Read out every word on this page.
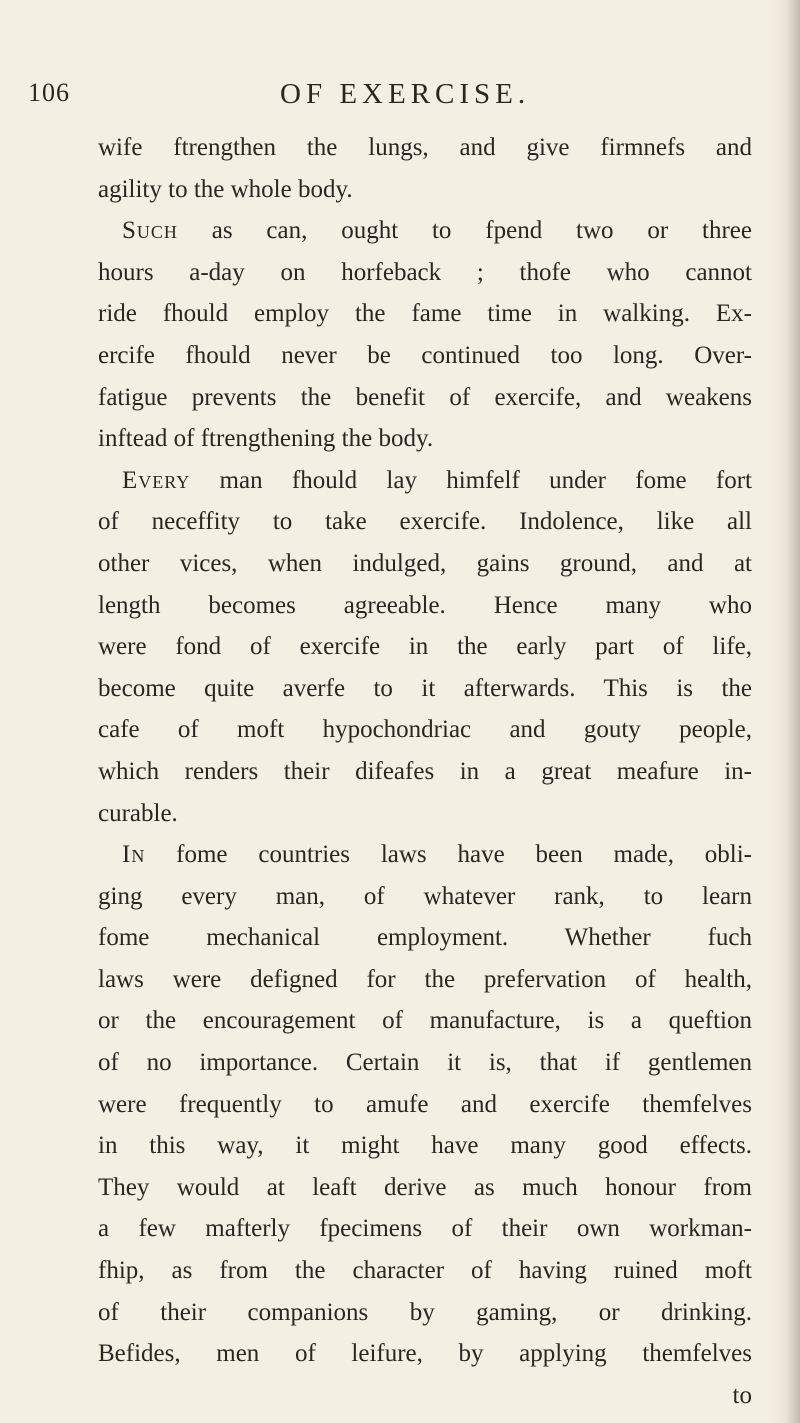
106	OF EXERCISE.
wife ftrengthen the lungs, and give firmnefs and
agility to the whole body.
Such as can, ought to fpend two or three
hours a-day on horfeback ; thofe who cannot
ride fhould employ the fame time in walking. Ex-
ercife fhould never be continued too long. Over-
fatigue prevents the benefit of exercife, and weakens
inftead of ftrengthening the body.
Every man fhould lay himfelf under fome fort
of neceffity to take exercife. Indolence, like all
other vices, when indulged, gains ground, and at
length becomes agreeable. Hence many who
were fond of exercife in the early part of life,
become quite averfe to it afterwards. This is the
cafe of moft hypochondriac and gouty people,
which renders their difeafes in a great meafure in-
curable.
In fome countries laws have been made, obli-
ging every man, of whatever rank, to learn
fome mechanical employment. Whether fuch
laws were defigned for the prefervation of health,
or the encouragement of manufacture, is a queftion
of no importance. Certain it is, that if gentlemen
were frequently to amufe and exercife themfelves
in this way, it might have many good effects.
They would at leaft derive as much honour from
a few mafterly fpecimens of their own workman-
fhip, as from the character of having ruined moft
of their companions by gaming, or drinking.
Befides, men of leifure, by applying themfelves
to
